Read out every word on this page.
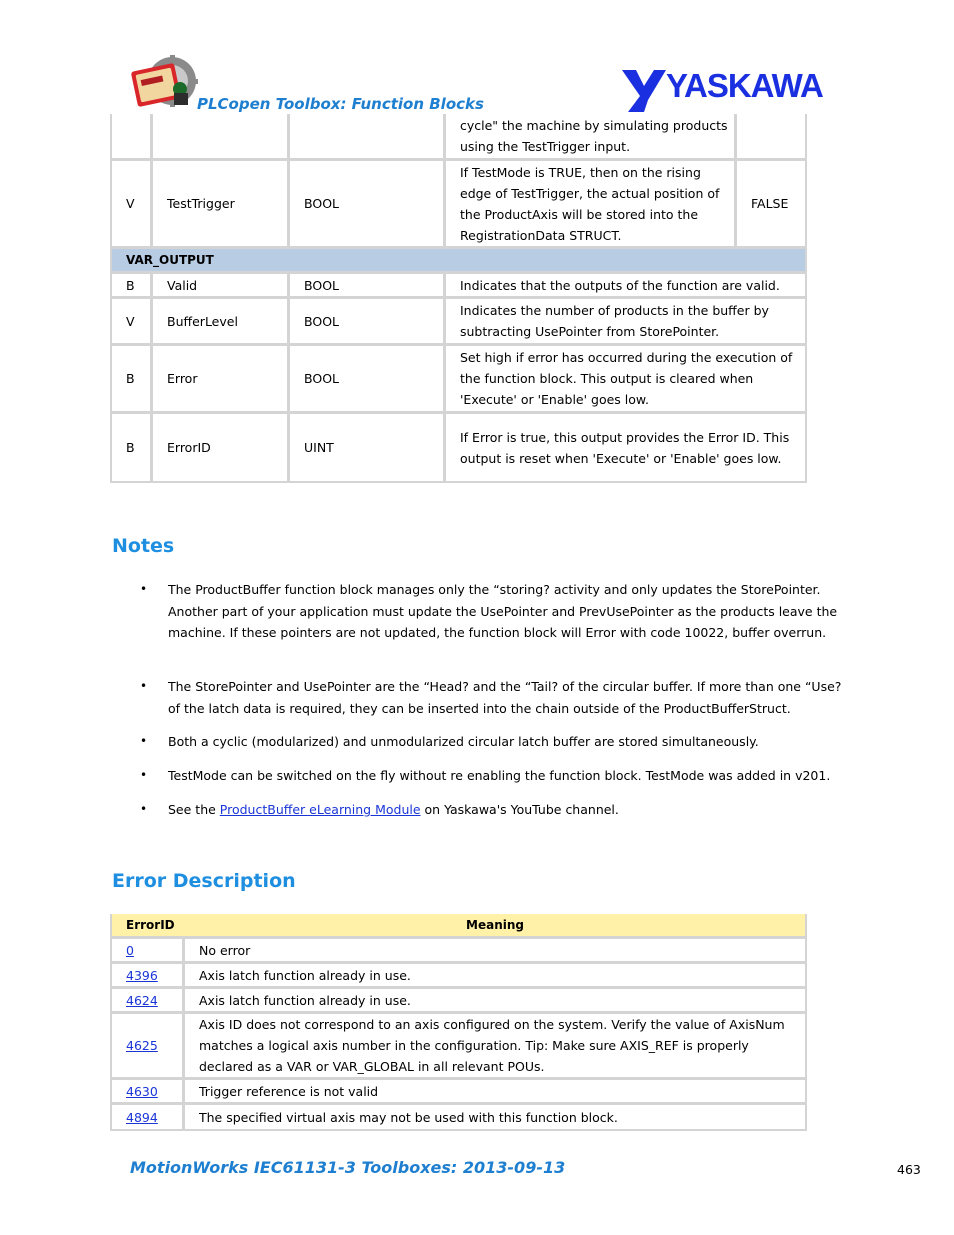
PLCopen Toolbox: Function Blocks	YASKAWA
			cycle" the machine by simulating products using the TestTrigger input.	
V	TestTrigger	BOOL	If TestMode is TRUE, then on the rising edge of TestTrigger, the actual position of the ProductAxis will be stored into the RegistrationData STRUCT.	FALSE
VAR_OUTPUT				
B	Valid	BOOL	Indicates that the outputs of the function are valid.	
V	BufferLevel	BOOL	Indicates the number of products in the buffer by subtracting UsePointer from StorePointer.	
B	Error	BOOL	Set high if error has occurred during the execution of the function block. This output is cleared when 'Execute' or 'Enable' goes low.	
B	ErrorID	UINT	If Error is true, this output provides the Error ID. This output is reset when 'Execute' or 'Enable' goes low.	
Notes
• The ProductBuffer function block manages only the “storing? activity and only updates the StorePointer. Another part of your application must update the UsePointer and PrevUsePointer as the products leave the machine. If these pointers are not updated, the function block will Error with code 10022, buffer overrun.
• The StorePointer and UsePointer are the “Head? and the “Tail? of the circular buffer. If more than one “Use? of the latch data is required, they can be inserted into the chain outside of the ProductBufferStruct.
• Both a cyclic (modularized) and unmodularized circular latch buffer are stored simultaneously.
• TestMode can be switched on the fly without re enabling the function block. TestMode was added in v201.
• See the ProductBuffer eLearning Module on Yaskawa's YouTube channel.
Error Description
ErrorID	Meaning
0	No error
4396	Axis latch function already in use.
4624	Axis latch function already in use.
4625	Axis ID does not correspond to an axis configured on the system. Verify the value of AxisNum matches a logical axis number in the configuration. Tip: Make sure AXIS_REF is properly declared as a VAR or VAR_GLOBAL in all relevant POUs.
4630	Trigger reference is not valid
4894	The specified virtual axis may not be used with this function block.
MotionWorks IEC61131-3 Toolboxes: 2013-09-13	463
